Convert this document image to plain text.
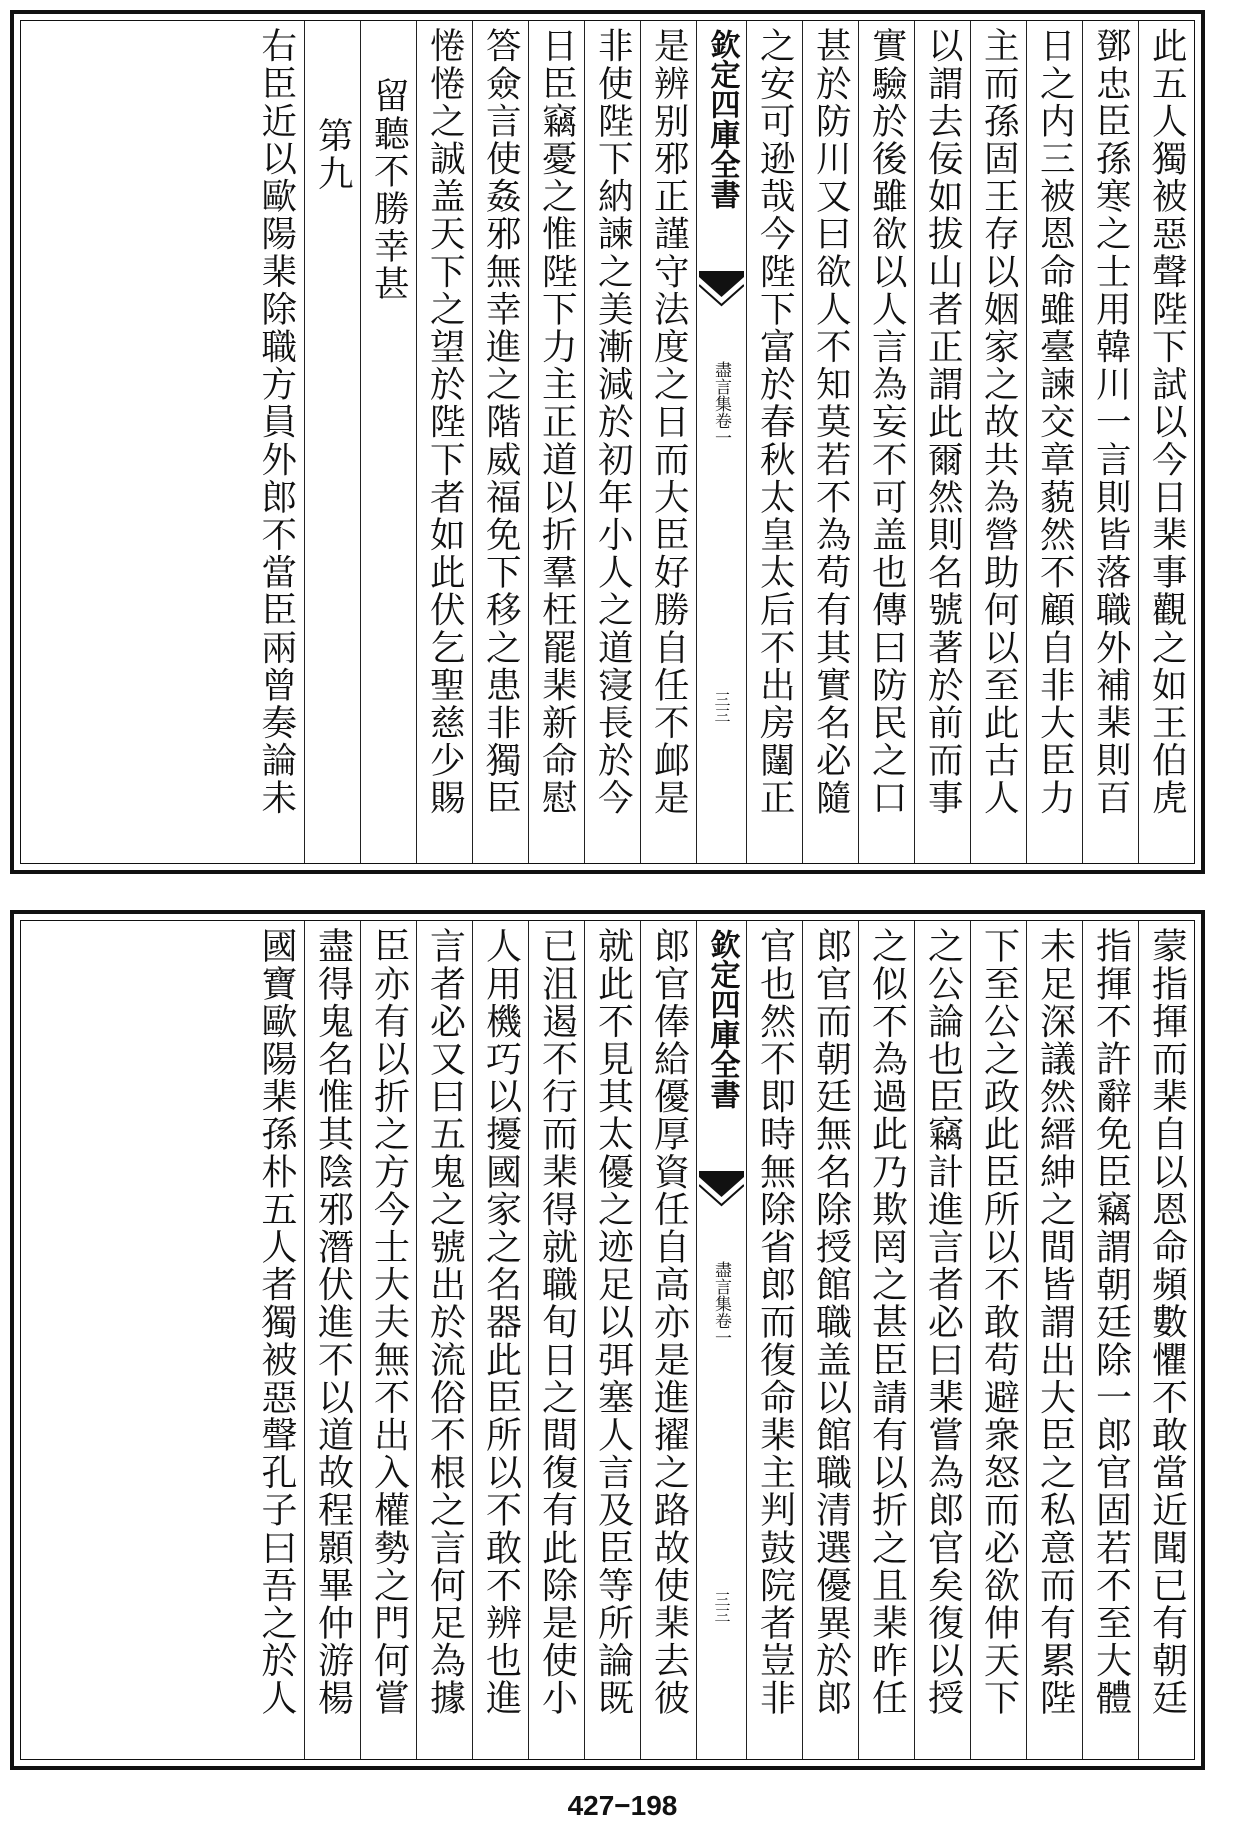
此五人獨被惡聲陛下試以今日棐事觀之如王伯虎
鄧忠臣孫寒之士用韓川一言則皆落職外補棐則百
日之内三被恩命雖臺諫交章藐然不顧自非大臣力
主而孫固王存以姻家之故共為營助何以至此古人
以謂去佞如拔山者正謂此爾然則名號著於前而事
實驗於後雖欲以人言為妄不可盖也傳曰防民之口
甚於防川又曰欲人不知莫若不為苟有其實名必隨
之安可逊哉今陛下富於春秋太皇太后不出房闥正
欽定四庫全書
盡言集
卷一
三三
是辨别邪正謹守法度之日而大臣好勝自任不䘏是
非使陛下納諫之美漸減於初年小人之道寖長於今
日臣竊憂之惟陛下力主正道以折羣枉罷棐新命慰
答僉言使姦邪無幸進之階威福免下移之患非獨臣
惓惓之誠盖天下之望於陛下者如此伏乞聖慈少賜
留聽不勝幸甚
第九
右臣近以歐陽棐除職方員外郎不當臣兩曾奏論未
蒙指揮而棐自以恩命頻數懼不敢當近聞已有朝廷
指揮不許辭免臣竊謂朝廷除一郎官固若不至大體
未足深議然縉紳之間皆謂出大臣之私意而有累陛
下至公之政此臣所以不敢苟避衆怒而必欲伸天下
之公論也臣竊計進言者必曰棐嘗為郎官矣復以授
之似不為過此乃欺罔之甚臣請有以折之且棐昨任
郎官而朝廷無名除授館職盖以館職清選優異於郎
官也然不即時無除省郎而復命棐主判鼓院者豈非
欽定四庫全書
盡言集
卷一
三三
郎官俸給優厚資任自高亦是進擢之路故使棐去彼
就此不見其太優之迹足以弭塞人言及臣等所論既
已沮遏不行而棐得就職旬日之間復有此除是使小
人用機巧以擾國家之名器此臣所以不敢不辨也進
言者必又曰五鬼之號出於流俗不根之言何足為據
臣亦有以折之方今士大夫無不出入權勢之門何嘗
盡得鬼名惟其陰邪潛伏進不以道故程顥畢仲游楊
國寶歐陽棐孫朴五人者獨被惡聲孔子曰吾之於人
427−198
